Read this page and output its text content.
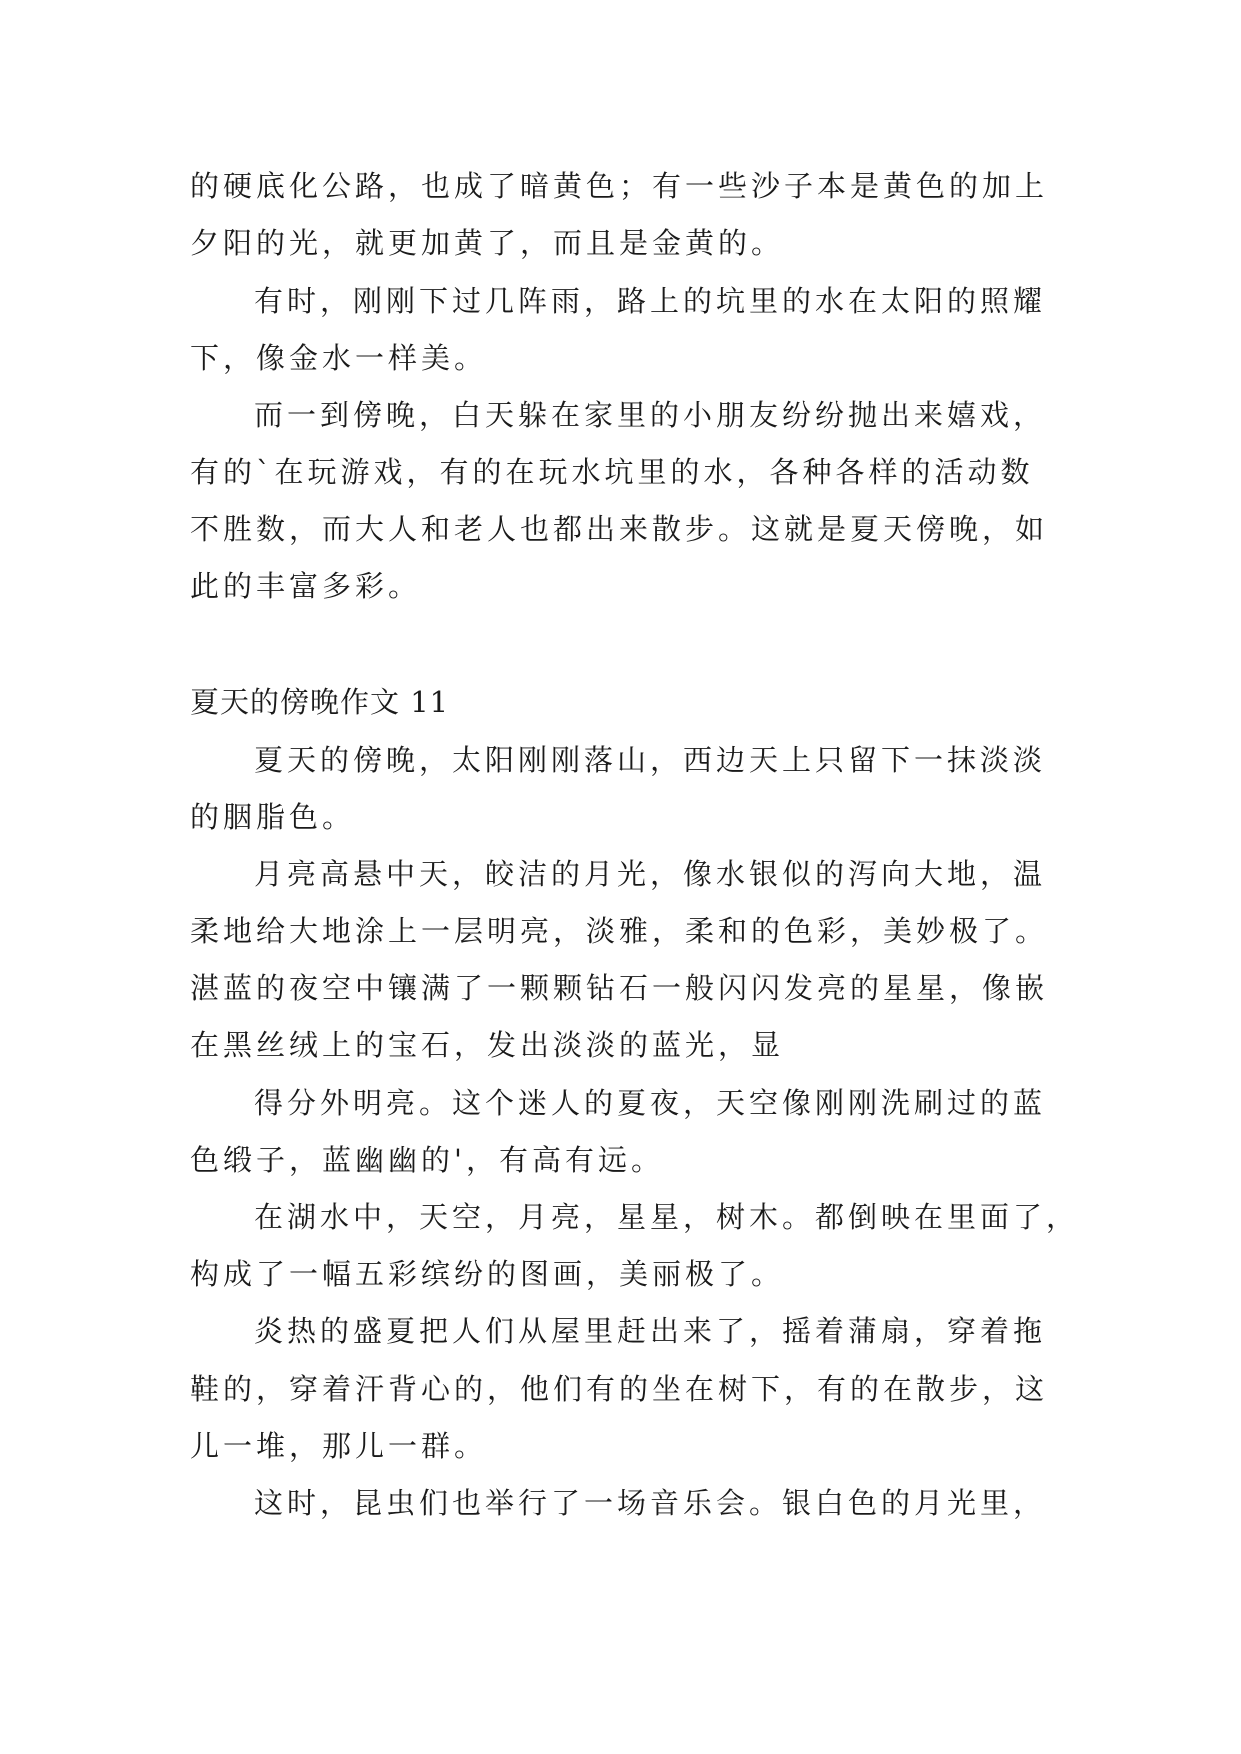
的硬底化公路，也成了暗黄色；有一些沙子本是黄色的加上
夕阳的光，就更加黄了，而且是金黄的。
有时，刚刚下过几阵雨，路上的坑里的水在太阳的照耀
下，像金水一样美。
而一到傍晚，白天躲在家里的小朋友纷纷抛出来嬉戏，
有的`在玩游戏，有的在玩水坑里的水，各种各样的活动数
不胜数，而大人和老人也都出来散步。这就是夏天傍晚，如
此的丰富多彩。
夏天的傍晚作文 11
夏天的傍晚，太阳刚刚落山，西边天上只留下一抹淡淡
的胭脂色。
月亮高悬中天，皎洁的月光，像水银似的泻向大地，温
柔地给大地涂上一层明亮，淡雅，柔和的色彩，美妙极了。
湛蓝的夜空中镶满了一颗颗钻石一般闪闪发亮的星星，像嵌
在黑丝绒上的宝石，发出淡淡的蓝光，显
得分外明亮。这个迷人的夏夜，天空像刚刚洗刷过的蓝
色缎子，蓝幽幽的'，有高有远。
在湖水中，天空，月亮，星星，树木。都倒映在里面了，
构成了一幅五彩缤纷的图画，美丽极了。
炎热的盛夏把人们从屋里赶出来了，摇着蒲扇，穿着拖
鞋的，穿着汗背心的，他们有的坐在树下，有的在散步，这
儿一堆，那儿一群。
这时，昆虫们也举行了一场音乐会。银白色的月光里，
